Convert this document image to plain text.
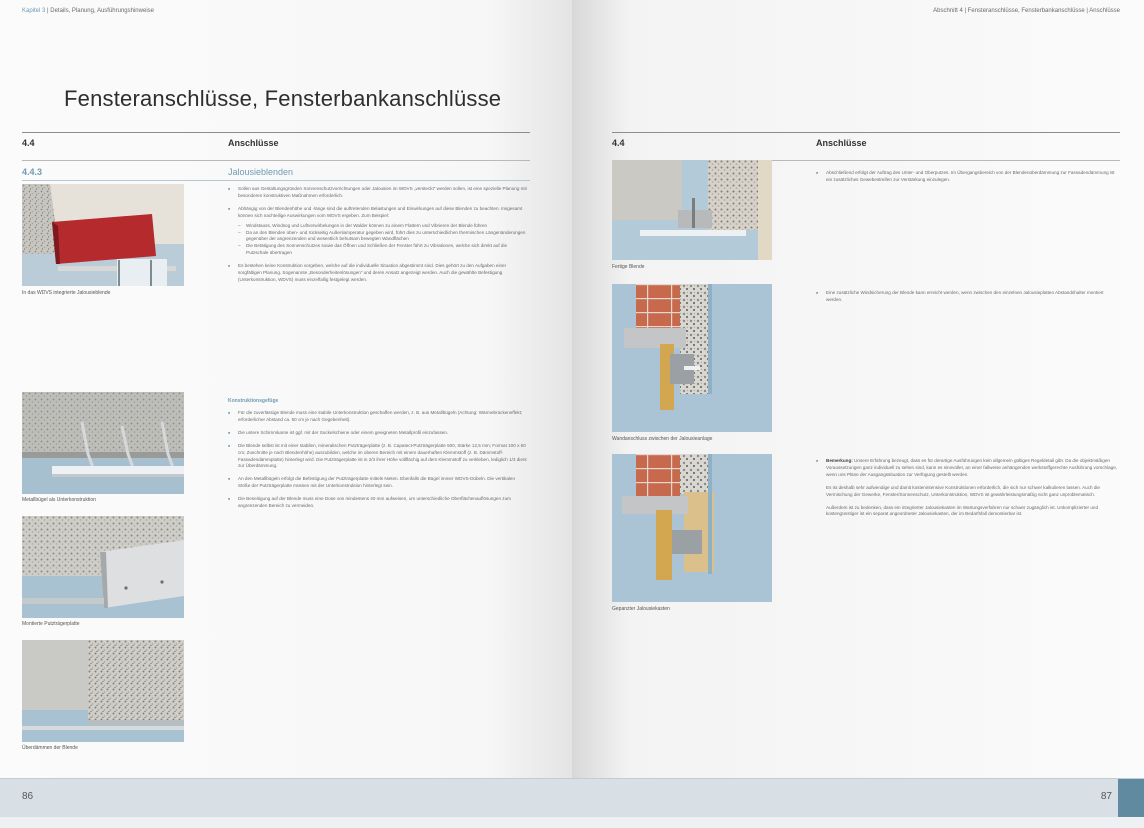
Kapitel 3 | Details, Planung, Ausführungshinweise
Fensteranschlüsse, Fensterbankanschlüsse
4.4	Anschlüsse
4.4.3	Jalousieblenden
In das WDVS integrierte Jalousieblende
Metallbügel als Unterkonstruktion
Montierte Putzträgerplatte
Überdämmen der Blende
■ Sollen aus Gestaltungsgründen Sonnenschutzvorrichtungen oder Jalousien im WDVS „versteckt“ werden sollen, ist eine spezielle Planung mit besonderen konstruktiven Maßnahmen erforderlich.
■ Abhängig von der Blendenhöhe und -länge sind die auftretenden Belastungen und Einwirkungen auf diese Blenden zu beachten. Insgesamt können sich nachteilige Auswirkungen vom WDVS ergeben. Zum Beispiel:
– Windstauss, Windsog und Luftverwirbelungen in der Walder können zu einem Flattern und Vibrieren der Blende führen
– Da an den Blenden oben- und rückseitig Außenlamperatur gegeben wird, führt dies zu unterschiedlichen thermischen Längenänderungen gegenüber der angrenzenden und wesentlich behutsam bewegten Wandflächen
– Die Betätigung des Sonnenschutzes sowie das Öffnen und Schließen der Fenster führt zu Vibrationen, welche sich direkt auf die Putzschale übertragen
■ Es bestehen keine Konstruktion vorgeben, welche auf die individuelle Situation abgestimmt sind. Dies gehört zu den Aufgaben einer sorgfältigen Planung. Sogenannte „Besonderheitenlösungen“ und deren Ansatz angezeigt werden. Auch die gewählte Befestigung (Unterkonstruktion, WDVS) muss einzelfallig festgelegt werden.
Konstruktionsgefüge
■ Für die zuverlässige Blende muss eine stabile Unterkonstruktion geschaffen werden, z. B. aus Metallbügeln (Achtung: Wärmebrückeneffekt; erforderlicher Abstand ca. 50 cm je nach Gegebenheit).
■ Die untere Schimmkante ist ggf. mit der Sockelschiene oder einem geeigneten Metallprofil einzufassen.
■ Die Blende selbst ist mit einer stabilen, mineralischen Putzträgerplatte (z. B. Capatect-Putzträgerplatte 500, Stärke 12,5 mm; Format 100 x 60 cm; Zuschnitte je nach Blendenhöhe) auszubilden, welche im oberen Bereich mit einem dauerhaften Klemmstoff (z. B. Dämmstoff-Fassadendämmplatte) hinterlegt wird. Die Putzträgerplatte ist in 2/3 ihrer Höhe vollflächig auf dem Klemmstoff zu verkleben, lediglich 1/3 dient zur Überdämmung.
■ An den Metallbügeln erfolgt die Befestigung der Putzträgerplatte mittels Nieten. Ebenfalls die Bügel immer WDVS-Dübeln. Die vertikalen Stöße der Putzträgerplatte müssen mit der Unterkonstruktion hinterlegt sein.
■ Die Beseitigung auf der Blende muss eine Dose von mindestens 40 mm aufweisen, um unterschiedliche Oberflächenauflösungen zum angrenzenden Bereich zu vermeiden.
Abschnitt 4 | Fensteranschlüsse, Fensterbankanschlüsse | Anschlüsse
4.4	Anschlüsse
Fertige Blende
Wandanschluss zwischen der Jalousieanlage
Gepanzter Jalousiekasten
■ Abschließend erfolgt der Auftrag des Unter- und Oberputzes. Im Übergangsbereich von der Blendenüberdämmung zur Fassadendämmung ist ein zusätzliches Gewebestreifen zur Verstärkung einzulegen.
■ Eine zusätzliche Windsicherung der Blende kann erreicht werden, wenn zwischen den einzelnen Jalousieplatten Abstandshalter montiert werden.
■ Bemerkung: Unsere Erfahrung bezeugt, dass es für derartige Ausführungen kein allgemein gültiges Regeldetail gibt. Da die objektmäßigen Voraussetzungen ganz individuell zu sehen sind, kann es sinnvoller, an einer fallweise anhängenden werkstoffgerechte Ausführung vorschlage, wenn uns Pläne der Ausgangssituation zur Verfügung gestellt werden.
Es ist deshalb sehr aufwendige und damit kostenintensive Konstruktionen erforderlich, die sich nur schwer kalkulieren lassen. Auch die Vermischung der Gewerke, Fenster/Sonnenschutz, Unterkonstruktion, WDVS ist gewährleistungsmäßig nicht ganz unproblematisch.
Außerdem ist zu bedenken, dass ein integrierter Jalousiekasten im Wartungsverfahren nur schwer zugänglich ist. Unkomplizierter und kostengünstiger ist ein separat angeordneter Jalousiekasten, der im Bedarfsfall demontierbar ist.
86	87
